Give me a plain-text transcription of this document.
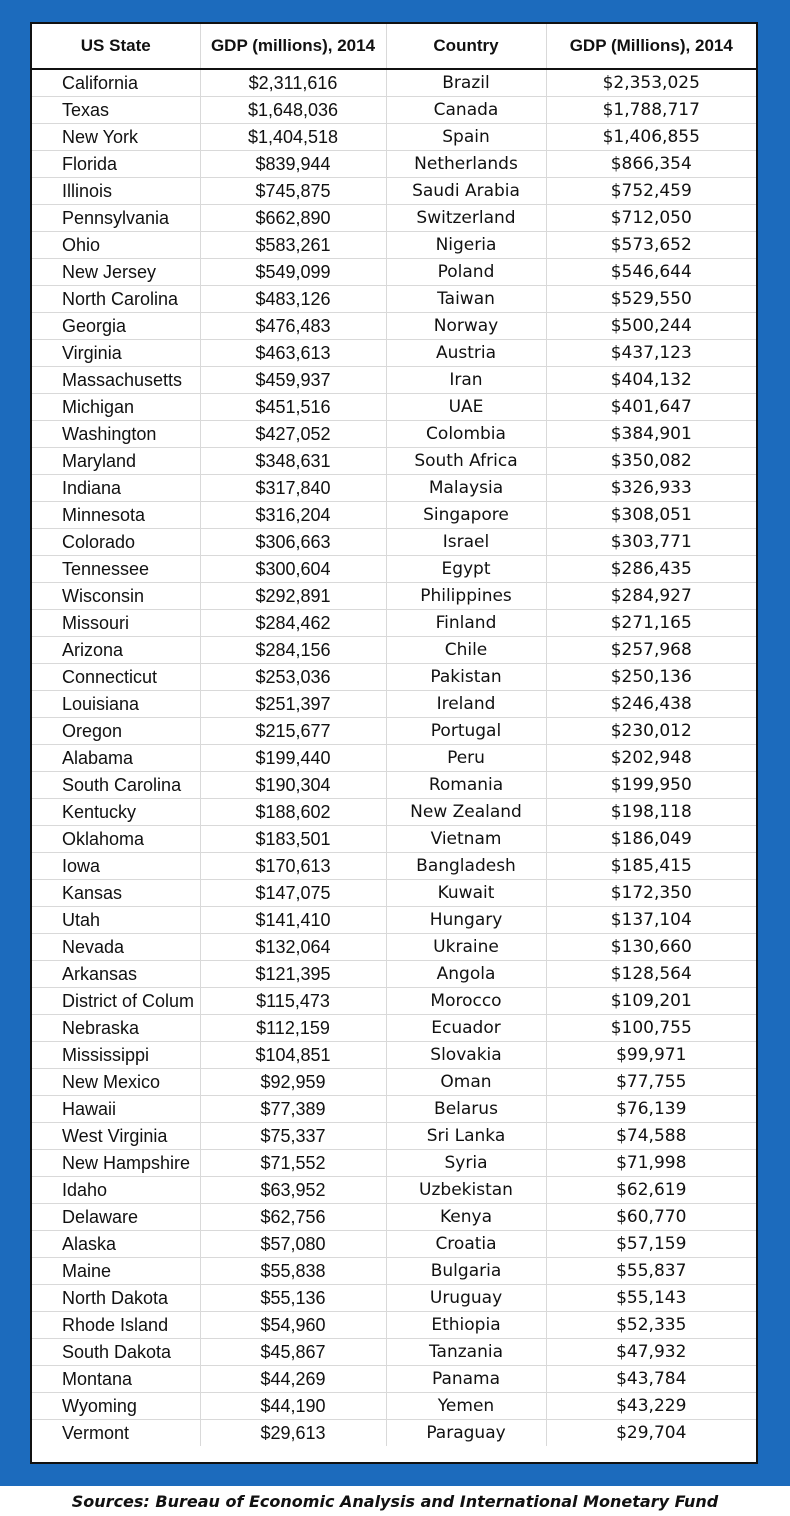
US State	GDP (millions), 2014	Country	GDP (Millions), 2014
California	$2,311,616	Brazil	$2,353,025
Texas	$1,648,036	Canada	$1,788,717
New York	$1,404,518	Spain	$1,406,855
Florida	$839,944	Netherlands	$866,354
Illinois	$745,875	Saudi Arabia	$752,459
Pennsylvania	$662,890	Switzerland	$712,050
Ohio	$583,261	Nigeria	$573,652
New Jersey	$549,099	Poland	$546,644
North Carolina	$483,126	Taiwan	$529,550
Georgia	$476,483	Norway	$500,244
Virginia	$463,613	Austria	$437,123
Massachusetts	$459,937	Iran	$404,132
Michigan	$451,516	UAE	$401,647
Washington	$427,052	Colombia	$384,901
Maryland	$348,631	South Africa	$350,082
Indiana	$317,840	Malaysia	$326,933
Minnesota	$316,204	Singapore	$308,051
Colorado	$306,663	Israel	$303,771
Tennessee	$300,604	Egypt	$286,435
Wisconsin	$292,891	Philippines	$284,927
Missouri	$284,462	Finland	$271,165
Arizona	$284,156	Chile	$257,968
Connecticut	$253,036	Pakistan	$250,136
Louisiana	$251,397	Ireland	$246,438
Oregon	$215,677	Portugal	$230,012
Alabama	$199,440	Peru	$202,948
South Carolina	$190,304	Romania	$199,950
Kentucky	$188,602	New Zealand	$198,118
Oklahoma	$183,501	Vietnam	$186,049
Iowa	$170,613	Bangladesh	$185,415
Kansas	$147,075	Kuwait	$172,350
Utah	$141,410	Hungary	$137,104
Nevada	$132,064	Ukraine	$130,660
Arkansas	$121,395	Angola	$128,564
District of Colum	$115,473	Morocco	$109,201
Nebraska	$112,159	Ecuador	$100,755
Mississippi	$104,851	Slovakia	$99,971
New Mexico	$92,959	Oman	$77,755
Hawaii	$77,389	Belarus	$76,139
West Virginia	$75,337	Sri Lanka	$74,588
New Hampshire	$71,552	Syria	$71,998
Idaho	$63,952	Uzbekistan	$62,619
Delaware	$62,756	Kenya	$60,770
Alaska	$57,080	Croatia	$57,159
Maine	$55,838	Bulgaria	$55,837
North Dakota	$55,136	Uruguay	$55,143
Rhode Island	$54,960	Ethiopia	$52,335
South Dakota	$45,867	Tanzania	$47,932
Montana	$44,269	Panama	$43,784
Wyoming	$44,190	Yemen	$43,229
Vermont	$29,613	Paraguay	$29,704
Sources: Bureau of Economic Analysis and International Monetary Fund
